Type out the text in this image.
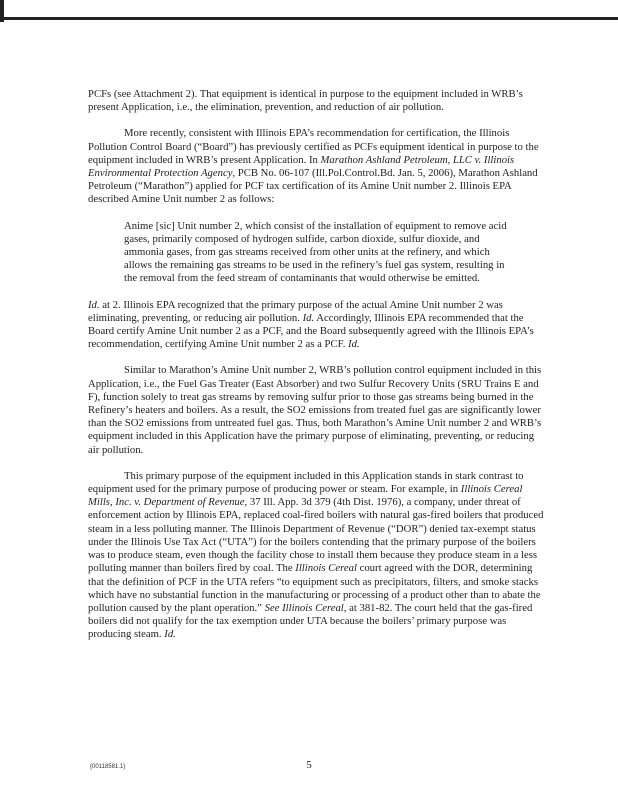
PCFs (see Attachment 2). That equipment is identical in purpose to the equipment included in WRB’s present Application, i.e., the elimination, prevention, and reduction of air pollution.

More recently, consistent with Illinois EPA’s recommendation for certification, the Illinois Pollution Control Board (“Board”) has previously certified as PCFs equipment identical in purpose to the equipment included in WRB’s present Application. In Marathon Ashland Petroleum, LLC v. Illinois Environmental Protection Agency, PCB No. 06-107 (Ill.Pol.Control.Bd. Jan. 5, 2006), Marathon Ashland Petroleum (“Marathon”) applied for PCF tax certification of its Amine Unit number 2. Illinois EPA described Amine Unit number 2 as follows:

Anime [sic] Unit number 2, which consist of the installation of equipment to remove acid gases, primarily composed of hydrogen sulfide, carbon dioxide, sulfur dioxide, and ammonia gases, from gas streams received from other units at the refinery, and which allows the remaining gas streams to be used in the refinery’s fuel gas system, resulting in the removal from the feed stream of contaminants that would otherwise be emitted.

Id. at 2. Illinois EPA recognized that the primary purpose of the actual Amine Unit number 2 was eliminating, preventing, or reducing air pollution. Id. Accordingly, Illinois EPA recommended that the Board certify Amine Unit number 2 as a PCF, and the Board subsequently agreed with the Illinois EPA’s recommendation, certifying Amine Unit number 2 as a PCF. Id.

Similar to Marathon’s Amine Unit number 2, WRB’s pollution control equipment included in this Application, i.e., the Fuel Gas Treater (East Absorber) and two Sulfur Recovery Units (SRU Trains E and F), function solely to treat gas streams by removing sulfur prior to those gas streams being burned in the Refinery’s heaters and boilers. As a result, the SO2 emissions from treated fuel gas are significantly lower than the SO2 emissions from untreated fuel gas. Thus, both Marathon’s Amine Unit number 2 and WRB’s equipment included in this Application have the primary purpose of eliminating, preventing, or reducing air pollution.

This primary purpose of the equipment included in this Application stands in stark contrast to equipment used for the primary purpose of producing power or steam. For example, in Illinois Cereal Mills, Inc. v. Department of Revenue, 37 Ill. App. 3d 379 (4th Dist. 1976), a company, under threat of enforcement action by Illinois EPA, replaced coal-fired boilers with natural gas-fired boilers that produced steam in a less polluting manner. The Illinois Department of Revenue (“DOR”) denied tax-exempt status under the Illinois Use Tax Act (“UTA”) for the boilers contending that the primary purpose of the boilers was to produce steam, even though the facility chose to install them because they produce steam in a less polluting manner than boilers fired by coal. The Illinois Cereal court agreed with the DOR, determining that the definition of PCF in the UTA refers “to equipment such as precipitators, filters, and smoke stacks which have no substantial function in the manufacturing or processing of a product other than to abate the pollution caused by the plant operation.” See Illinois Cereal, at 381-82. The court held that the gas-fired boilers did not qualify for the tax exemption under UTA because the boilers’ primary purpose was producing steam. Id.

{00118581.1}	5
